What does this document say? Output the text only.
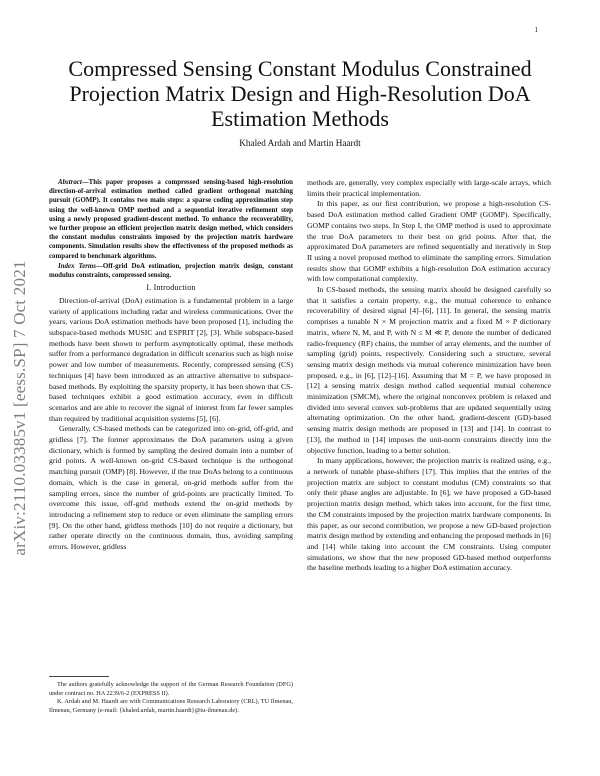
1
arXiv:2110.03385v1 [eess.SP] 7 Oct 2021
Compressed Sensing Constant Modulus Constrained Projection Matrix Design and High-Resolution DoA Estimation Methods
Khaled Ardah and Martin Haardt

Abstract—This paper proposes a compressed sensing-based high-resolution direction-of-arrival estimation method called gradient orthogonal matching pursuit (GOMP). It contains two main steps: a sparse coding approximation step using the well-known OMP method and a sequential iterative refinement step using a newly proposed gradient-descent method. To enhance the recoverability, we further propose an efficient projection matrix design method, which considers the constant modulus constraints imposed by the projection matrix hardware components. Simulation results show the effectiveness of the proposed methods as compared to benchmark algorithms.

Index Terms—Off-grid DoA estimation, projection matrix design, constant modulus constraints, compressed sensing.

I. Introduction

Direction-of-arrival (DoA) estimation is a fundamental problem in a large variety of applications including radar and wireless communications. Over the years, various DoA estimation methods have been proposed [1], including the subspace-based methods MUSIC and ESPRIT [2], [3]. While subspace-based methods have been shown to perform asymptotically optimal, these methods suffer from a performance degradation in difficult scenarios such as high noise power and low number of measurements. Recently, compressed sensing (CS) techniques [4] have been introduced as an attractive alternative to subspace-based methods. By exploiting the sparsity property, it has been shown that CS-based techniques exhibit a good estimation accuracy, even in difficult scenarios and are able to recover the signal of interest from far fewer samples than required by traditional acquisition systems [5], [6].

Generally, CS-based methods can be categorized into on-grid, off-grid, and gridless [7]. The former approximates the DoA parameters using a given dictionary, which is formed by sampling the desired domain into a number of grid points. A well-known on-grid CS-based technique is the orthogonal matching pursuit (OMP) [8]. However, if the true DoAs belong to a continuous domain, which is the case in general, on-grid methods suffer from the sampling errors, since the number of grid-points are practically limited. To overcome this issue, off-grid methods extend the on-grid methods by introducing a refinement step to reduce or even eliminate the sampling errors [9]. On the other hand, gridless methods [10] do not require a dictionary, but rather operate directly on the continuous domain, thus, avoiding sampling errors. However, gridless

The authors gratefully acknowledge the support of the German Research Foundation (DFG) under contract no. HA 2239/6-2 (EXPRESS II).

K. Ardah and M. Haardt are with Communications Research Laboratory (CRL), TU Ilmenau, Ilmenau, Germany (e-mail: {khaled.ardah, martin.haardt}@tu-ilmenau.de).

methods are, generally, very complex especially with large-scale arrays, which limits their practical implementation.

In this paper, as our first contribution, we propose a high-resolution CS-based DoA estimation method called Gradient OMP (GOMP). Specifically, GOMP contains two steps. In Step I, the OMP method is used to approximate the true DoA parameters to their best on grid points. After that, the approximated DoA parameters are refined sequentially and iteratively in Step II using a novel proposed method to eliminate the sampling errors. Simulation results show that GOMP exhibits a high-resolution DoA estimation accuracy with low computational complexity.

In CS-based methods, the sensing matrix should be designed carefully so that it satisfies a certain property, e.g., the mutual coherence to enhance recoverability of desired signal [4]–[6], [11]. In general, the sensing matrix comprises a tunable N × M projection matrix and a fixed M × P dictionary matrix, where N, M, and P, with N ≤ M ≪ P, denote the number of dedicated radio-frequency (RF) chains, the number of array elements, and the number of sampling (grid) points, respectively. Considering such a structure, several sensing matrix design methods via mutual coherence minimization have been proposed, e.g., in [6], [12]–[16]. Assuming that M = P, we have proposed in [12] a sensing matrix design method called sequential mutual coherence minimization (SMCM), where the original nonconvex problem is relaxed and divided into several convex sub-problems that are updated sequentially using alternating optimization. On the other hand, gradient-descent (GD)-based sensing matrix design methods are proposed in [13] and [14]. In contrast to [13], the method in [14] imposes the unit-norm constraints directly into the objective function, leading to a better solution.

In many applications, however, the projection matrix is realized using, e.g., a network of tunable phase-shifters [17]. This implies that the entries of the projection matrix are subject to constant modulus (CM) constraints so that only their phase angles are adjustable. In [6], we have proposed a GD-based projection matrix design method, which takes into account, for the first time, the CM constraints imposed by the projection matrix hardware components. In this paper, as our second contribution, we propose a new GD-based projection matrix design method by extending and enhancing the proposed methods in [6] and [14] while taking into account the CM constraints. Using computer simulations, we show that the new proposed GD-based method outperforms the baseline methods leading to a higher DoA estimation accuracy.
